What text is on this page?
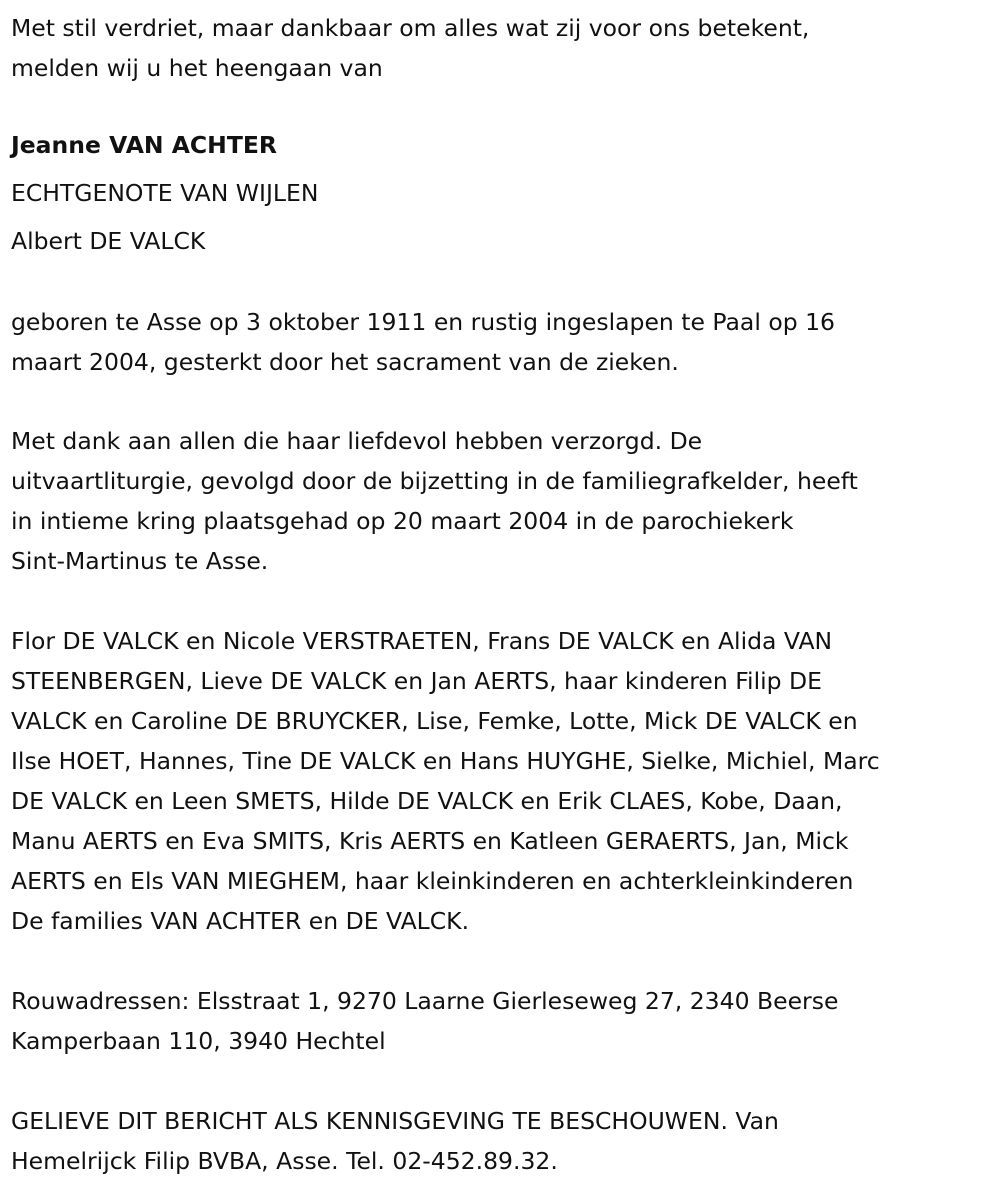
Met stil verdriet, maar dankbaar om alles wat zij voor ons betekent,
melden wij u het heengaan van
Jeanne VAN ACHTER
ECHTGENOTE VAN WIJLEN
Albert DE VALCK
geboren te Asse op 3 oktober 1911 en rustig ingeslapen te Paal op 16
maart 2004, gesterkt door het sacrament van de zieken.
Met dank aan allen die haar liefdevol hebben verzorgd. De
uitvaartliturgie, gevolgd door de bijzetting in de familiegrafkelder, heeft
in intieme kring plaatsgehad op 20 maart 2004 in de parochiekerk
Sint-Martinus te Asse.
Flor DE VALCK en Nicole VERSTRAETEN, Frans DE VALCK en Alida VAN
STEENBERGEN, Lieve DE VALCK en Jan AERTS, haar kinderen Filip DE
VALCK en Caroline DE BRUYCKER, Lise, Femke, Lotte, Mick DE VALCK en
Ilse HOET, Hannes, Tine DE VALCK en Hans HUYGHE, Sielke, Michiel, Marc
DE VALCK en Leen SMETS, Hilde DE VALCK en Erik CLAES, Kobe, Daan,
Manu AERTS en Eva SMITS, Kris AERTS en Katleen GERAERTS, Jan, Mick
AERTS en Els VAN MIEGHEM, haar kleinkinderen en achterkleinkinderen
De families VAN ACHTER en DE VALCK.
Rouwadressen: Elsstraat 1, 9270 Laarne Gierleseweg 27, 2340 Beerse
Kamperbaan 110, 3940 Hechtel
GELIEVE DIT BERICHT ALS KENNISGEVING TE BESCHOUWEN. Van
Hemelrijck Filip BVBA, Asse. Tel. 02-452.89.32.
